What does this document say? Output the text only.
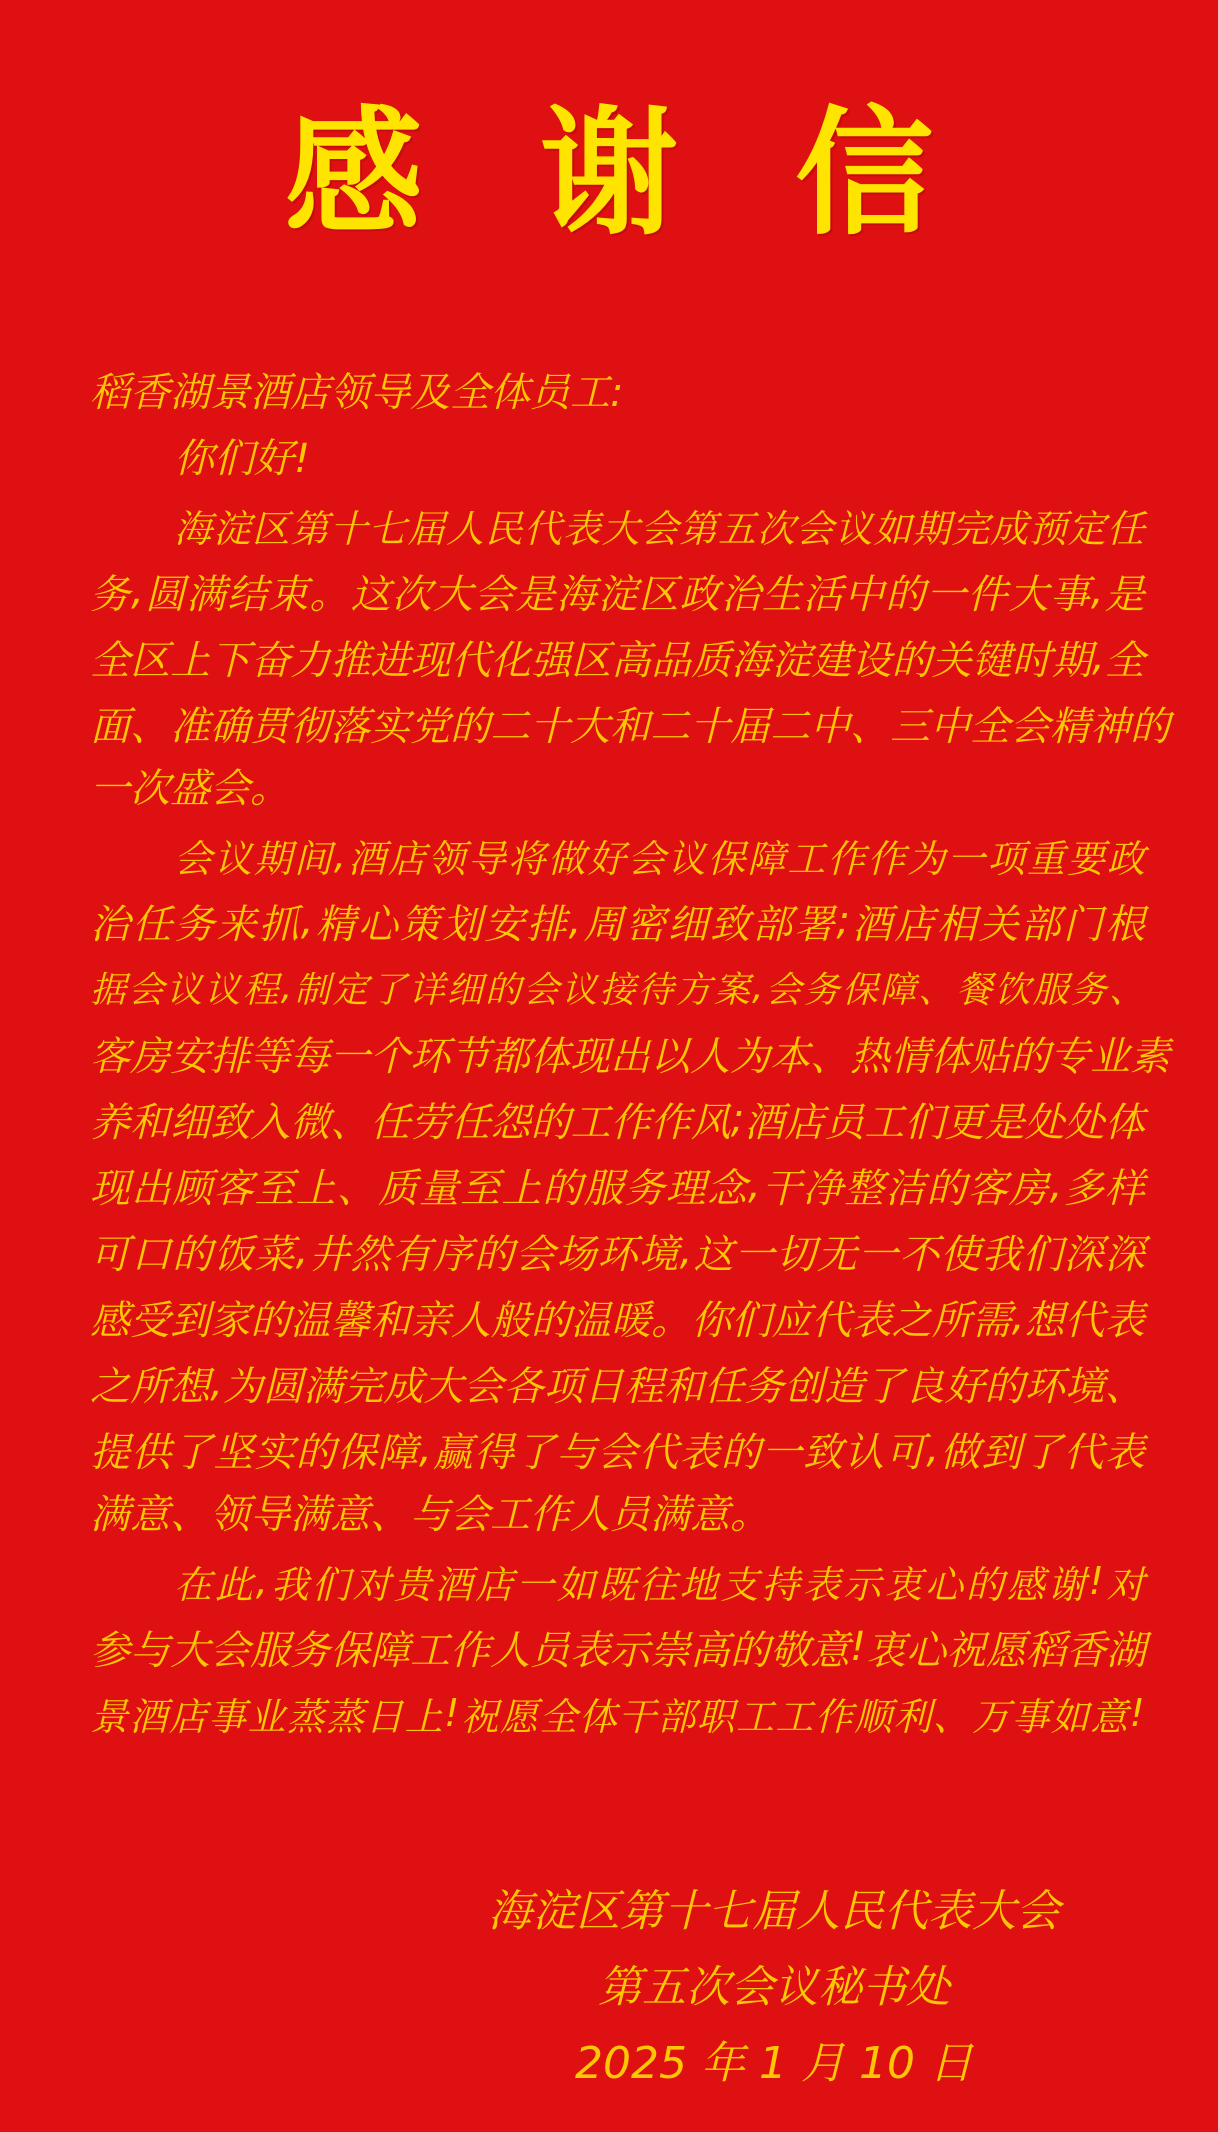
感谢信
稻香湖景酒店领导及全体员工:
你们好!
海 淀 区 第 十 七 届 人 民 代 表 大 会 第 五 次 会 议 如 期 完 成 预 定 任
务 , 圆 满 结 束 。 这 次 大 会 是 海 淀 区 政 治 生 活 中 的 一 件 大 事 , 是
全 区 上 下 奋 力 推 进 现 代 化 强 区 高 品 质 海 淀 建 设 的 关 键 时 期 , 全
面 、 准 确 贯 彻 落 实 党 的 二 十 大 和 二 十 届 二 中 、 三 中 全 会 精 神 的
一次盛会。
会 议 期 间 , 酒 店 领 导 将 做 好 会 议 保 障 工 作 作 为 一 项 重 要 政
治 任 务 来 抓 , 精 心 策 划 安 排 , 周 密 细 致 部 署 ; 酒 店 相 关 部 门 根
据 会 议 议 程 , 制 定 了 详 细 的 会 议 接 待 方 案 , 会 务 保 障 、 餐 饮 服 务 、
客 房 安 排 等 每 一 个 环 节 都 体 现 出 以 人 为 本 、 热 情 体 贴 的 专 业 素
养 和 细 致 入 微 、 任 劳 任 怨 的 工 作 作 风 ; 酒 店 员 工 们 更 是 处 处 体
现 出 顾 客 至 上 、 质 量 至 上 的 服 务 理 念 , 干 净 整 洁 的 客 房 , 多 样
可 口 的 饭 菜 , 井 然 有 序 的 会 场 环 境 , 这 一 切 无 一 不 使 我 们 深 深
感 受 到 家 的 温 馨 和 亲 人 般 的 温 暖 。 你 们 应 代 表 之 所 需 , 想 代 表
之 所 想 , 为 圆 满 完 成 大 会 各 项 日 程 和 任 务 创 造 了 良 好 的 环 境 、
提 供 了 坚 实 的 保 障 , 赢 得 了 与 会 代 表 的 一 致 认 可 , 做 到 了 代 表
满意、领导满意、与会工作人员满意。
在 此 , 我 们 对 贵 酒 店 一 如 既 往 地 支 持 表 示 衷 心 的 感 谢 ! 对
参 与 大 会 服 务 保 障 工 作 人 员 表 示 崇 高 的 敬 意 ! 衷 心 祝 愿 稻 香 湖
景 酒 店 事 业 蒸 蒸 日 上 ! 祝 愿 全 体 干 部 职 工 工 作 顺 利 、 万 事 如 意 !
海淀区第十七届人民代表大会
第五次会议秘书处
2025 年 1 月 10 日
